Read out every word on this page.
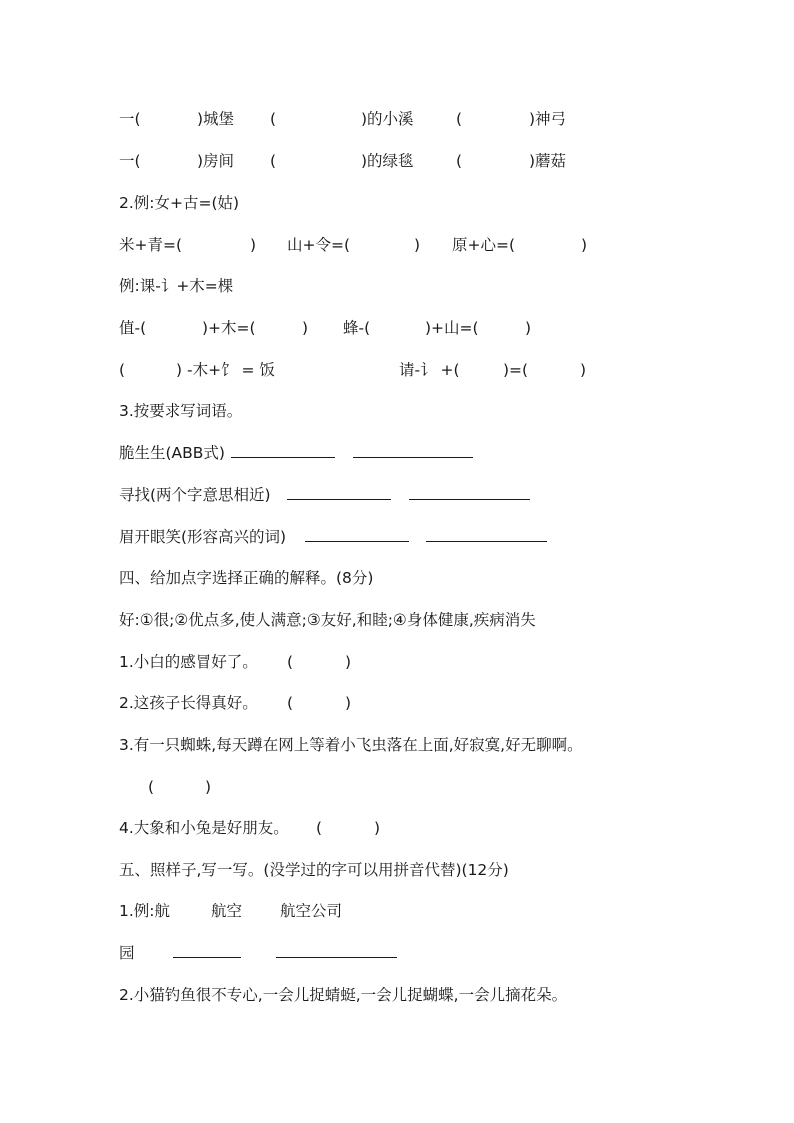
一(	)城堡 (	)的小溪	(	)神弓
一(	)房间 (	)的绿毯	(	)蘑菇
2.例:女+古=(姑)
米+青=(	) 山+令=(	) 原+心=(	)
例:课-讠+木=棵
值-(	)+木=(	) 蜂-(	)+山=(	)
(	) -木+饣 = 饭	请-讠 +(	)=(	)
3.按要求写词语。
脆生生(ABB式)
寻找(两个字意思相近)
眉开眼笑(形容高兴的词)
四、给加点字选择正确的解释。(8分)
好:①很;②优点多,使人满意;③友好,和睦;④身体健康,疾病消失
1.小白的感冒好了。 (	)
2.这孩子长得真好。 (	)
3.有一只蜘蛛,每天蹲在网上等着小飞虫落在上面,好寂寞,好无聊啊。
(	)
4.大象和小兔是好朋友。 (	)
五、照样子,写一写。(没学过的字可以用拼音代替)(12分)
1.例:航	航空 航空公司
园
2.小猫钓鱼很不专心,一会儿捉蜻蜓,一会儿捉蝴蝶,一会儿摘花朵。
